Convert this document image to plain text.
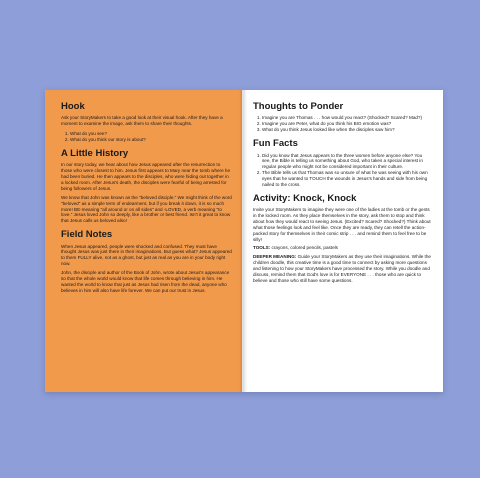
Hook

Ask your StoryMakers to take a good look at their visual hook. After they have a moment to examine the image, ask them to share their thoughts.

1. What do you see?
2. What do you think our story is about?
A Little History

In our story today, we hear about how Jesus appeared after the resurrection to those who were closest to him. Jesus first appears to Mary near the tomb where he had been buried. He then appears to the disciples, who were hiding out together in a locked room. After Jesus's death, the disciples were fearful of being arrested for being followers of Jesus.

We know that John was known as the "beloved disciple." We might think of the word "beloved" as a simple term of endearment, but if you break it down, it is so much more! BE-meaning "all around or on all sides" and -LOVED, a verb meaning "to love." Jesus loved John so deeply, like a brother or best friend. Isn't it great to know that Jesus calls us beloved also!

Field Notes

When Jesus appeared, people were shocked and confused. They must have thought Jesus was just there in their imaginations. But guess what? Jesus appeared to them FULLY alive, not as a ghost, but just as real as you are in your body right now.

John, the disciple and author of the Book of John, wrote about Jesus's appearance so that the whole world would know that life comes through believing in him. He wanted the world to know that just as Jesus had risen from the dead, anyone who believes in him will also have life forever. We can put our trust in Jesus.

Thoughts to Ponder
1. Imagine you are Thomas . . . how would you react? (Shocked? Scared? Mad?)
2. Imagine you are Peter, what do you think his BIG emotion was?
3. What do you think Jesus looked like when the disciples saw him?
Fun Facts
1. Did you know that Jesus appears to the three women before anyone else? You see, the Bible is telling us something about God, who takes a special interest in regular people who might not be considered important in their culture.
2. The Bible tells us that Thomas was so unsure of what he was seeing with his own eyes that he wanted to TOUCH the wounds in Jesus's hands and side from being nailed to the cross.
Activity: Knock, Knock

Invite your StoryMakers to imagine they were one of the ladies at the tomb or the gents in the locked room. As they place themselves in the story, ask them to stop and think about how they would react to seeing Jesus. (Excited? Scared? Shocked?) Think about what those feelings look and feel like. Once they are ready, they can retell the action-packed story for themselves in their comic strip . . . and remind them to feel free to be silly!

TOOLS: crayons, colored pencils, pastels

DEEPER MEANING: Guide your StoryMakers as they use their imaginations. While the children doodle, this creative time is a good time to connect by asking more questions and listening to how your StoryMakers have processed the story. While you doodle and discuss, remind them that God's love is for EVERYONE . . . those who are quick to believe and those who still have some questions.
